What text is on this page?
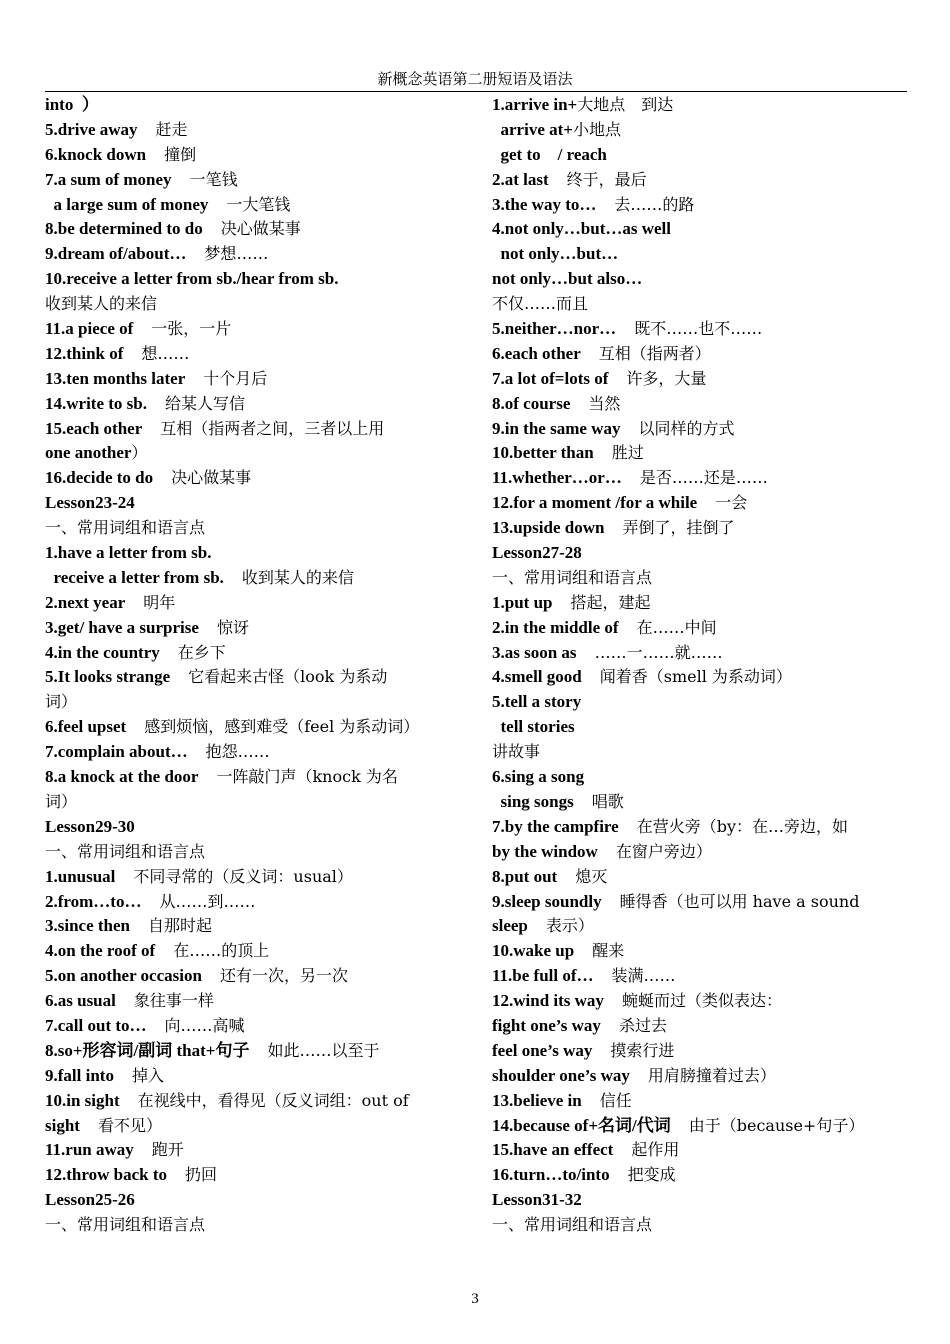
新概念英语第二册短语及语法
into  ）
5.drive away 赶走
6.knock down 撞倒
7.a sum of money 一笔钱
a large sum of money 一大笔钱
8.be determined to do 决心做某事
9.dream of/about… 梦想……
10.receive a letter from sb./hear from sb.
收到某人的来信
11.a piece of 一张，一片
12.think of 想……
13.ten months later 十个月后
14.write to sb. 给某人写信
15.each other 互相（指两者之间，三者以上用
one another）
16.decide to do 决心做某事
Lesson23-24
一、常用词组和语言点
1.have a letter from sb.
receive a letter from sb. 收到某人的来信
2.next year 明年
3.get/ have a surprise 惊讶
4.in the country 在乡下
5.It looks strange 它看起来古怪（look 为系动
词）
6.feel upset 感到烦恼，感到难受（feel 为系动词）
7.complain about… 抱怨……
8.a knock at the door 一阵敲门声（knock 为名
词）
Lesson29-30
一、常用词组和语言点
1.unusual 不同寻常的（反义词：usual）
2.from…to… 从……到……
3.since then 自那时起
4.on the roof of 在……的顶上
5.on another occasion 还有一次，另一次
6.as usual 象往事一样
7.call out to… 向……高喊
8.so+形容词/副词 that+句子 如此……以至于
9.fall into 掉入
10.in sight 在视线中，看得见（反义词组：out of
sight 看不见）
11.run away 跑开
12.throw back to 扔回
Lesson25-26
一、常用词组和语言点
1.arrive in+大地点　到达
arrive at+小地点
get to　/ reach
2.at last 终于，最后
3.the way to… 去……的路
4.not only…but…as well
not only…but…
not only…but also…
不仅……而且
5.neither…nor… 既不……也不……
6.each other 互相（指两者）
7.a lot of=lots of 许多，大量
8.of course 当然
9.in the same way 以同样的方式
10.better than 胜过
11.whether…or… 是否……还是……
12.for a moment /for a while 一会
13.upside down 弄倒了，挂倒了
Lesson27-28
一、常用词组和语言点
1.put up 搭起，建起
2.in the middle of 在……中间
3.as soon as ……一……就……
4.smell good 闻着香（smell 为系动词）
5.tell a story
tell stories
讲故事
6.sing a song
sing songs 唱歌
7.by the campfire 在营火旁（by：在…旁边，如
by the window 在窗户旁边）
8.put out 熄灭
9.sleep soundly 睡得香（也可以用 have a sound
sleep 表示）
10.wake up 醒来
11.be full of… 装满……
12.wind its way 蜿蜒而过（类似表达：
fight one’s way 杀过去
feel one’s way 摸索行进
shoulder one’s way 用肩膀撞着过去）
13.believe in 信任
14.because of+名词/代词 由于（because+句子）
15.have an effect 起作用
16.turn…to/into 把变成
Lesson31-32
一、常用词组和语言点
3
